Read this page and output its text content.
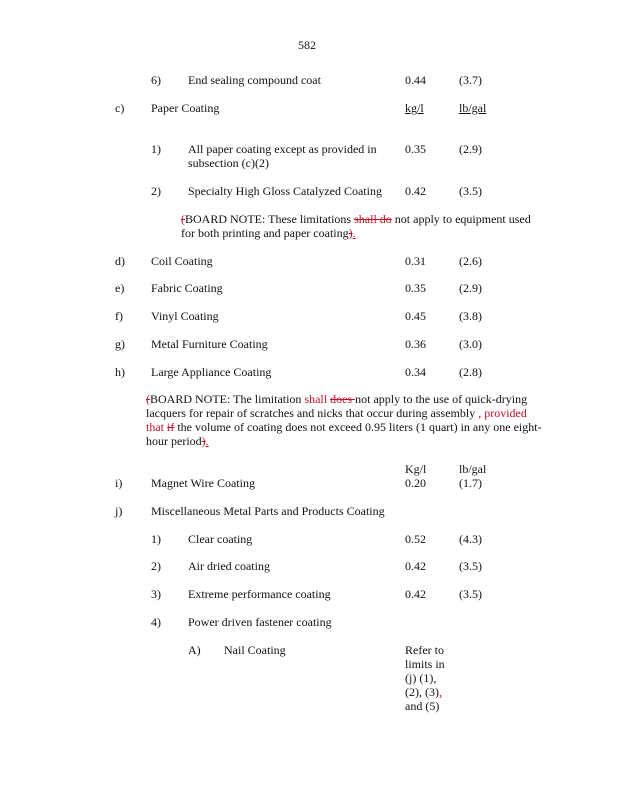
582
6) End sealing compound coat	0.44	(3.7)
c) Paper Coating	kg/l	lb/gal
1) All paper coating except as provided in
subsection (c)(2)
0.35	(2.9)
2) Specialty High Gloss Catalyzed Coating 0.42	(3.5)
(BOARD NOTE: These limitations shall do not apply to equipment used
for both printing and paper coating).
d) Coil Coating	0.31	(2.6)
e) Fabric Coating	0.35	(2.9)
f) Vinyl Coating	0.45	(3.8)
g) Metal Furniture Coating	0.36	(3.0)
h) Large Appliance Coating	0.34	(2.8)
(BOARD NOTE: The limitation shall does not apply to the use of quick-drying
lacquers for repair of scratches and nicks that occur during assembly , provided
that if the volume of coating does not exceed 0.95 liters (1 quart) in any one eight-
hour period).
Kg/l	lb/gal
i) Magnet Wire Coating	0.20	(1.7)
j) Miscellaneous Metal Parts and Products Coating
1) Clear coating	0.52	(4.3)
2) Air dried coating	0.42	(3.5)
3) Extreme performance coating	0.42	(3.5)
4) Power driven fastener coating
A) Nail Coating	Refer to
limits in
(j) (1),
(2), (3),
and (5)
